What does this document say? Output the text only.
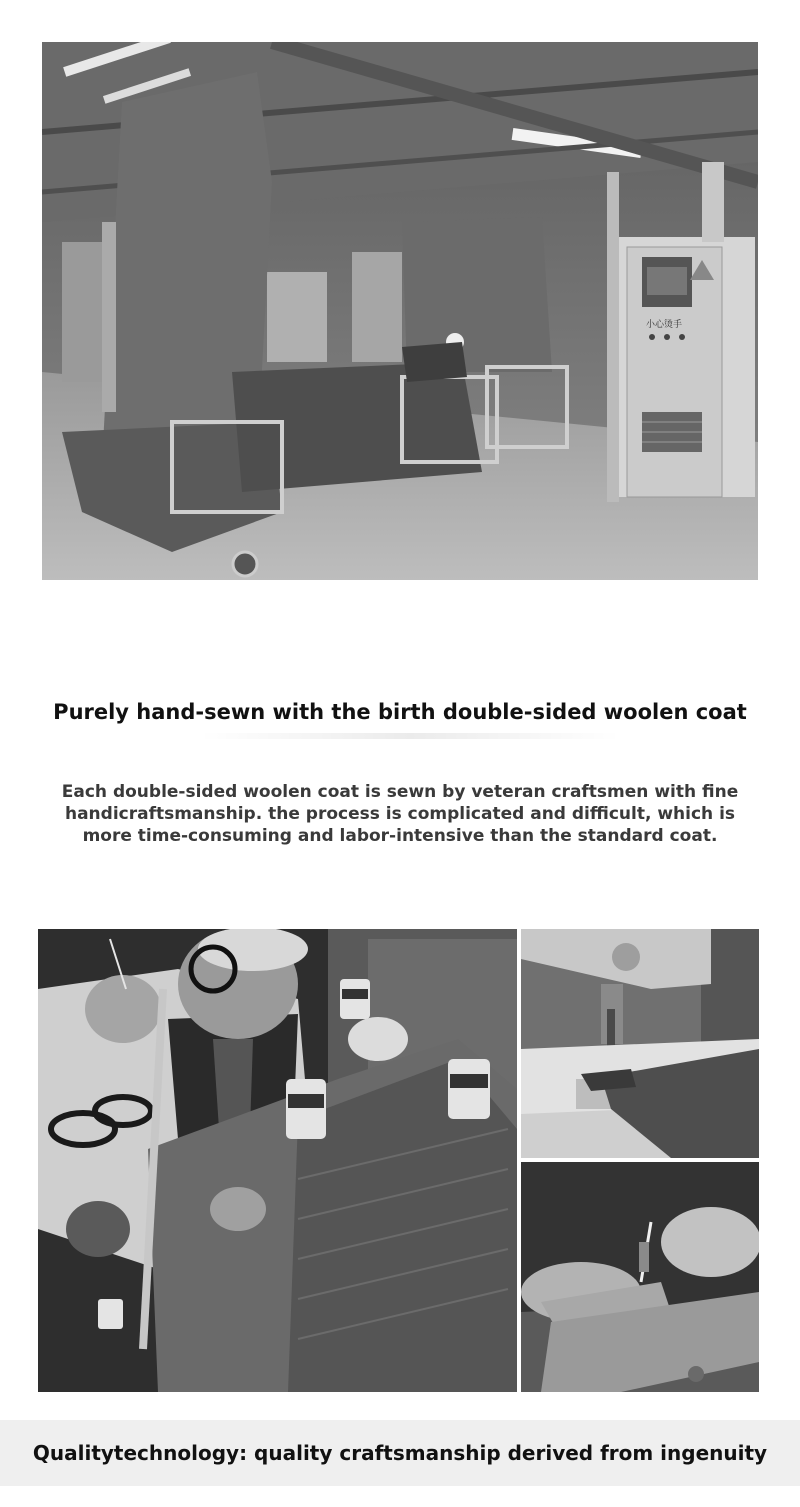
小心烫手
Purely hand-sewn with the birth double-sided woolen coat
Each double-sided woolen coat is sewn by veteran craftsmen with fine
handicraftsmanship. the process is complicated and difficult, which is
more time-consuming and labor-intensive than the standard coat.
Qualitytechnology: quality craftsmanship derived from ingenuity
